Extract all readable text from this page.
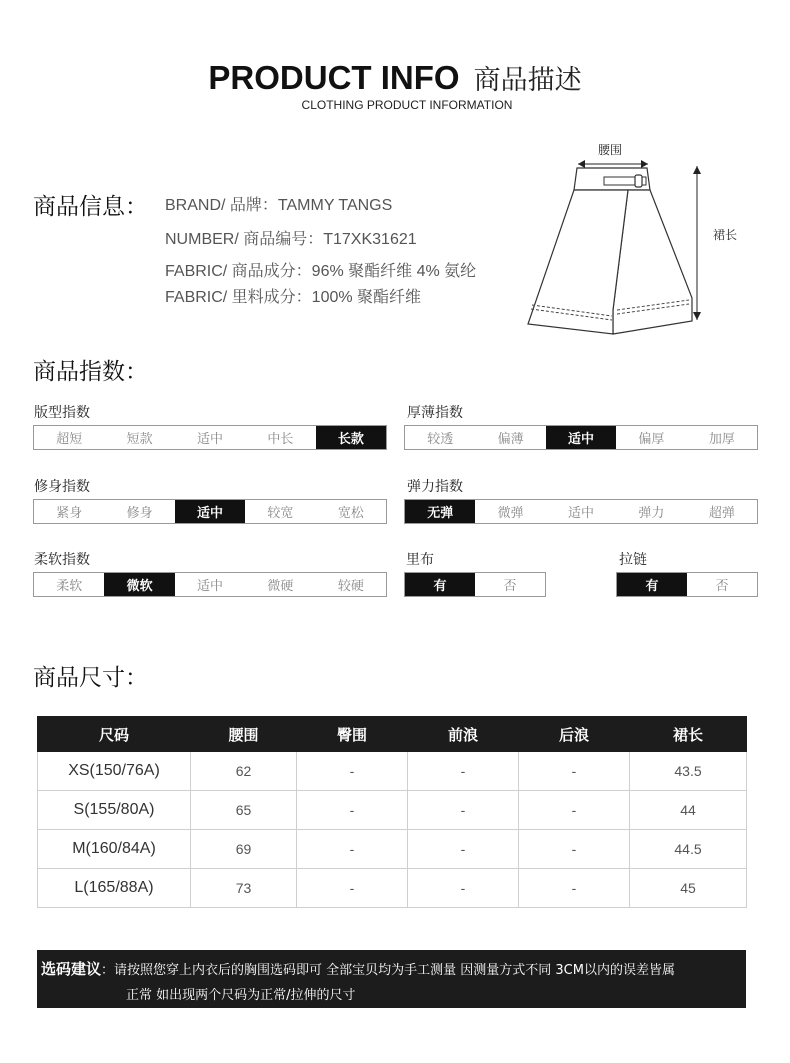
PRODUCT INFO 商品描述
CLOTHING PRODUCT INFORMATION
商品信息： BRAND/ 品牌：TAMMY TANGS
NUMBER/ 商品编号：T17XK31621
FABRIC/ 商品成分：96% 聚酯纤维 4% 氨纶
FABRIC/ 里料成分：100% 聚酯纤维
腰围
裙长
商品指数：
版型指数
超短	短款	适中	中长	长款
厚薄指数
较透	偏薄	适中	偏厚	加厚
修身指数
紧身	修身	适中	较宽	宽松
弹力指数
无弹	微弹	适中	弹力	超弹
柔软指数
柔软	微软	适中	微硬	较硬
里布
有	否
拉链
有	否
商品尺寸：
尺码	腰围	臀围	前浪	后浪	裙长
XS(150/76A)	62	-	-	-	43.5
S(155/80A)	65	-	-	-	44
M(160/84A)	69	-	-	-	44.5
L(165/88A)	73	-	-	-	45
选码建议：请按照您穿上内衣后的胸围选码即可 全部宝贝均为手工测量 因测量方式不同 3CM以内的误差皆属
正常 如出现两个尺码为正常/拉伸的尺寸
